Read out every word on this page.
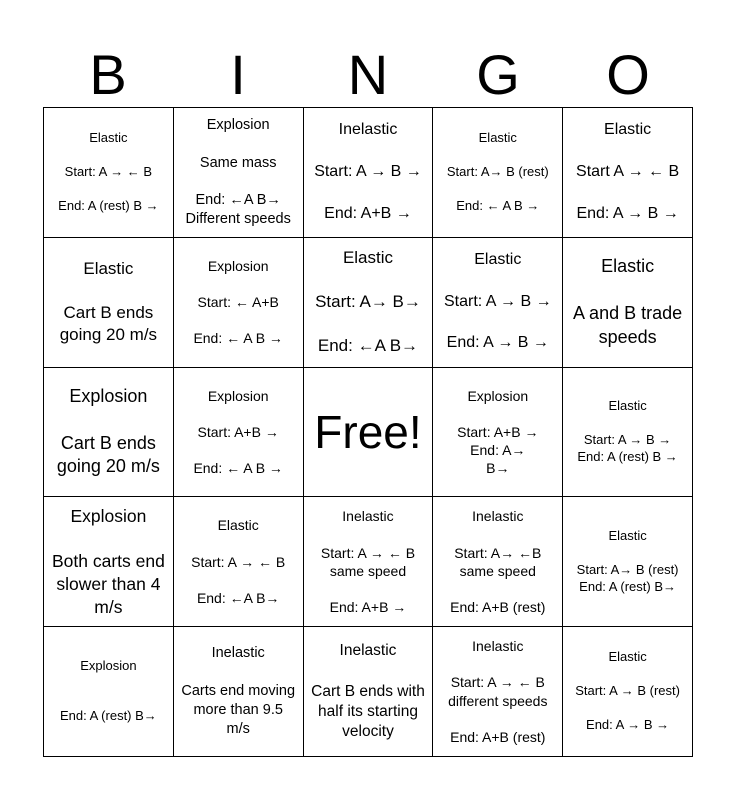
B	I	N	G	O
Elastic

Start: A → ← B

End: A (rest) B →
Explosion

Same mass

End: ←A B→
Different speeds
Inelastic

Start: A → B →

End: A+B →
Elastic

Start: A→ B (rest)

End: ← A B →
Elastic

Start A → ← B

End: A → B →
Elastic

Cart B ends going 20 m/s
Explosion

Start: ← A+B

End: ← A B →
Elastic

Start: A→ B→

End: ←A B→
Elastic

Start: A → B →

End: A → B →
Elastic

A and B trade speeds
Explosion

Cart B ends going 20 m/s
Explosion

Start: A+B →

End: ← A B →
Free!
Explosion

Start: A+B →
End: A→
B→
Elastic

Start: A → B →
End: A (rest) B →
Explosion

Both carts end slower than 4 m/s
Elastic

Start: A → ← B

End: ←A B→
Inelastic

Start: A → ← B
same speed

End: A+B →
Inelastic

Start: A→ ←B
same speed

End: A+B (rest)
Elastic

Start: A→ B (rest)
End: A (rest) B→
Explosion

End: A (rest) B→
Inelastic

Carts end moving more than 9.5 m/s
Inelastic

Cart B ends with half its starting velocity
Inelastic

Start: A → ← B different speeds

End: A+B (rest)
Elastic

Start: A → B (rest)

End: A → B →
